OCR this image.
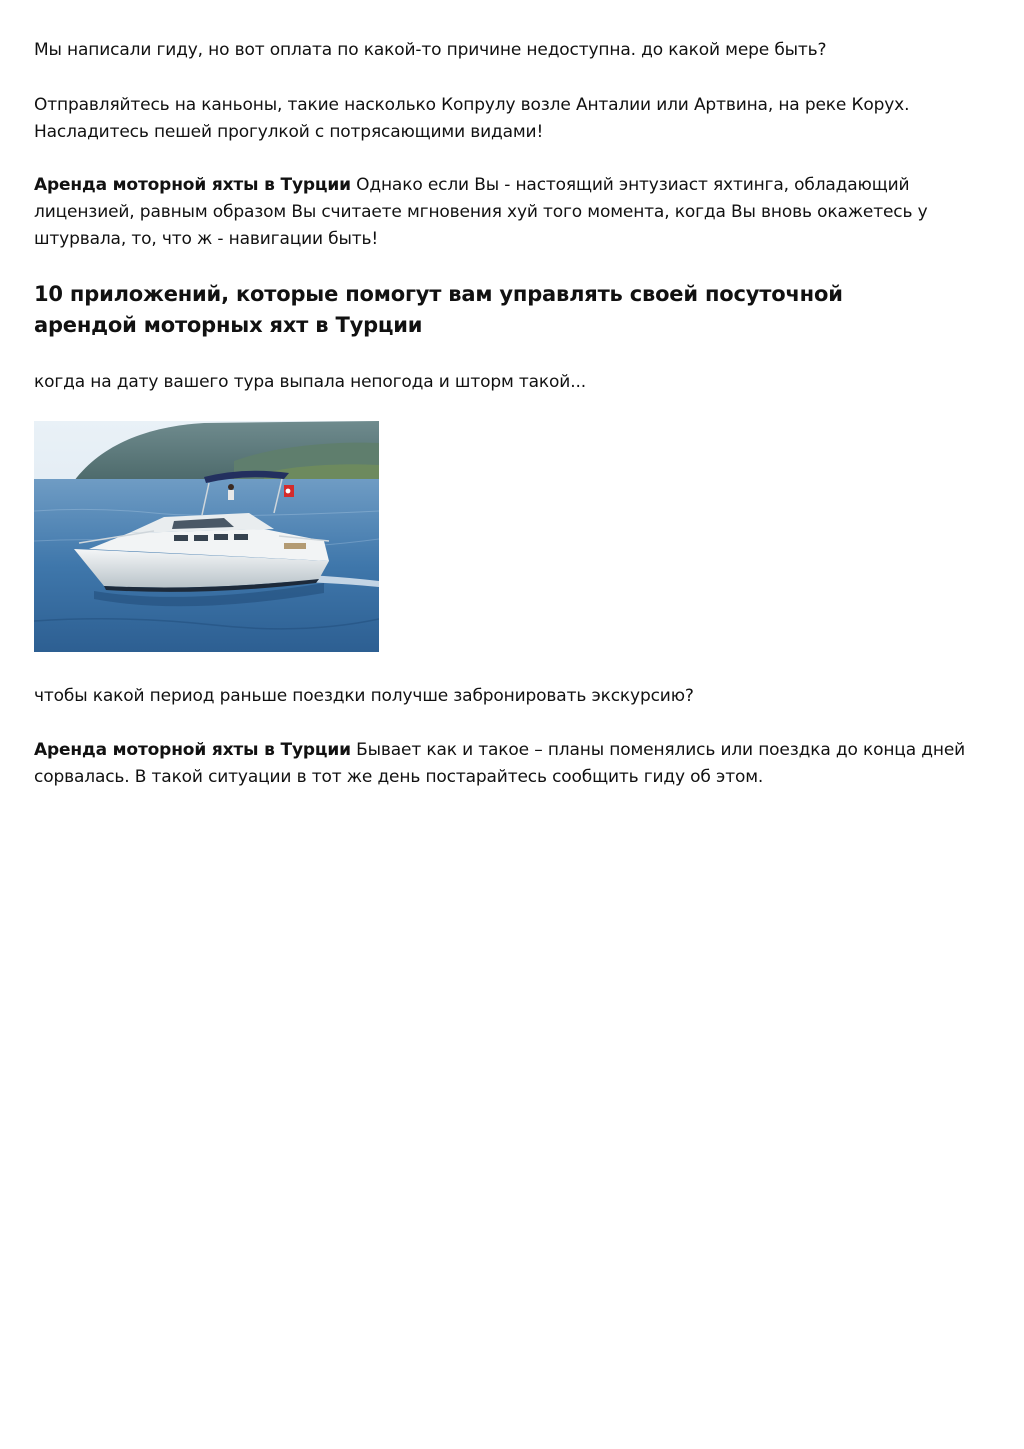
Мы написали гиду, но вот оплата по какой-то причине недоступна. до какой мере быть?

Отправляйтесь на каньоны, такие насколько Копрулу возле Анталии или Артвина, на реке Корух. Насладитесь пешей прогулкой с потрясающими видами!

Аренда моторной яхты в Турции Однако если Вы - настоящий энтузиаст яхтинга, обладающий лицензией, равным образом Вы считаете мгновения хуй того момента, когда Вы вновь окажетесь у штурвала, то, что ж - навигации быть!

10 приложений, которые помогут вам управлять своей посуточной арендой моторных яхт в Турции

когда на дату вашего тура выпала непогода и шторм такой...

чтобы какой период раньше поездки получше забронировать экскурсию?

Аренда моторной яхты в Турции Бывает как и такое – планы поменялись или поездка до конца дней сорвалась. В такой ситуации в тот же день постарайтесь сообщить гиду об этом.
